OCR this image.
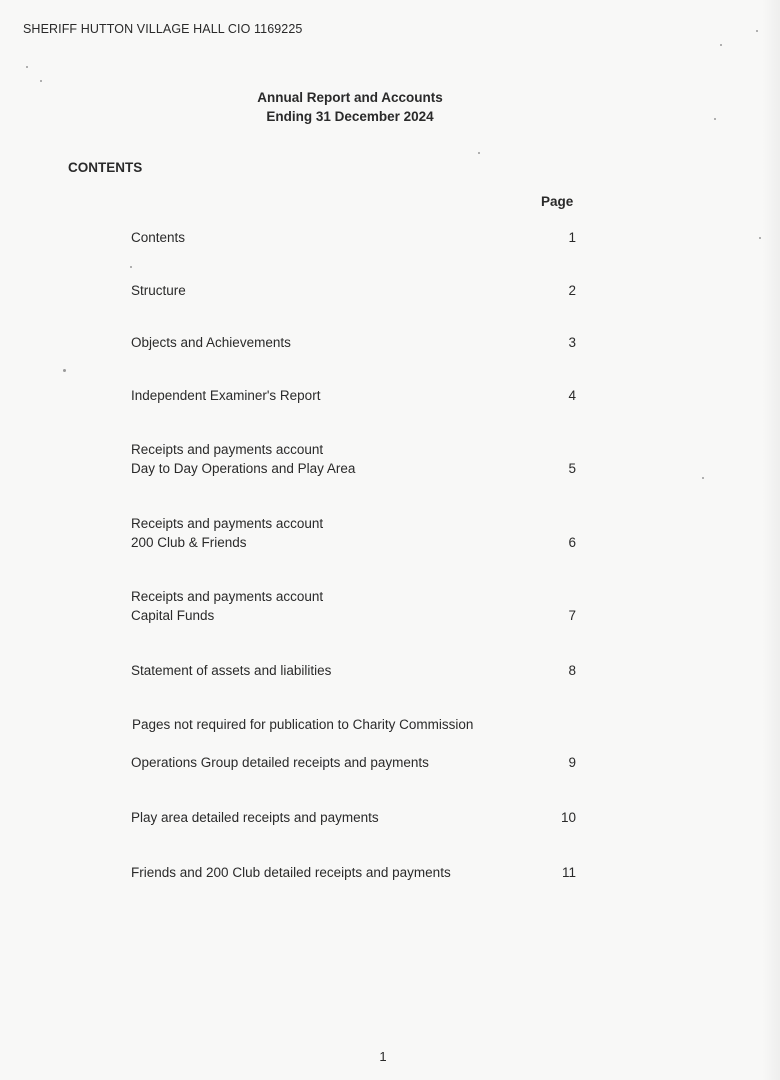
SHERIFF HUTTON VILLAGE HALL CIO 1169225
Annual Report and Accounts
Ending 31 December 2024
CONTENTS
Page
Contents	1
Structure	2
Objects and Achievements	3
Independent Examiner's Report	4
Receipts and payments account
Day to Day Operations and Play Area	5
Receipts and payments account
200 Club & Friends	6
Receipts and payments account
Capital Funds	7
Statement of assets and liabilities	8
Pages not required for publication to Charity Commission
Operations Group detailed receipts and payments	9
Play area detailed receipts and payments	10
Friends and 200 Club detailed receipts and payments	11
1
